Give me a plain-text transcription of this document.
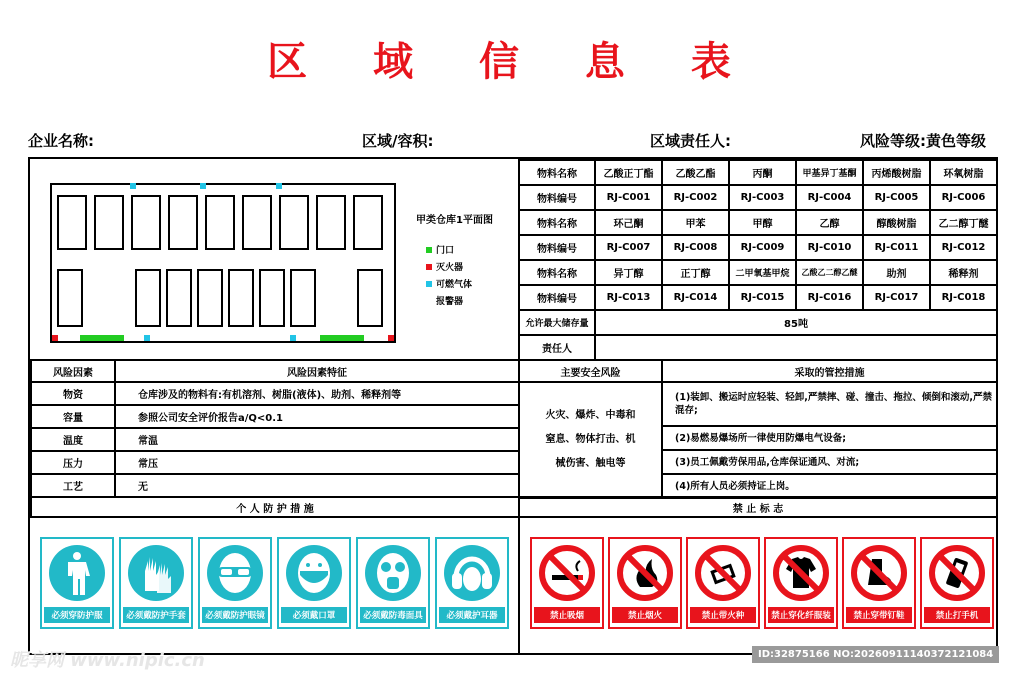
区 域 信 息 表
企业名称:	区域/容积:	区域责任人:	风险等级:黄色等级
甲类仓库1平面图
门口
灭火器
可燃气体
报警器
物料名称	乙酸正丁酯	乙酸乙酯	丙酮	甲基异丁基酮	丙烯酸树脂	环氧树脂
物料编号	RJ-C001	RJ-C002	RJ-C003	RJ-C004	RJ-C005	RJ-C006
物料名称	环己酮	甲苯	甲醇	乙醇	醇酸树脂	乙二醇丁醚
物料编号	RJ-C007	RJ-C008	RJ-C009	RJ-C010	RJ-C011	RJ-C012
物料名称	异丁醇	正丁醇	二甲氧基甲烷	乙酸乙二醇乙醚	助剂	稀释剂
物料编号	RJ-C013	RJ-C014	RJ-C015	RJ-C016	RJ-C017	RJ-C018
允许最大储存量	85吨					
责任人						
风险因素	风险因素特征
物资	仓库涉及的物料有:有机溶剂、树脂(液体)、助剂、稀释剂等
容量	参照公司安全评价报告a/Q<0.1
温度	常温
压力	常压
工艺	无
主要安全风险	采取的管控措施

火灾、爆炸、中毒和
窒息、物体打击、机
械伤害、触电等	(1)装卸、搬运时应轻装、轻卸,严禁摔、碰、撞击、拖拉、倾倒和滚动,严禁混存;
	(2)易燃易爆场所一律使用防爆电气设备;
	(3)员工佩戴劳保用品,仓库保证通风、对流;
	(4)所有人员必须持证上岗。
个 人 防 护 措 施	禁 止 标 志
必须穿防护服	必须戴防护手套	必须戴防护眼镜	必须戴口罩	必须戴防毒面具	必须戴护耳器	禁止吸烟	禁止烟火	禁止带火种	禁止穿化纤服装	禁止穿带钉鞋	禁止打手机
昵享网 www.nipic.cn	ID:32875166 NO:20260911140372121084
